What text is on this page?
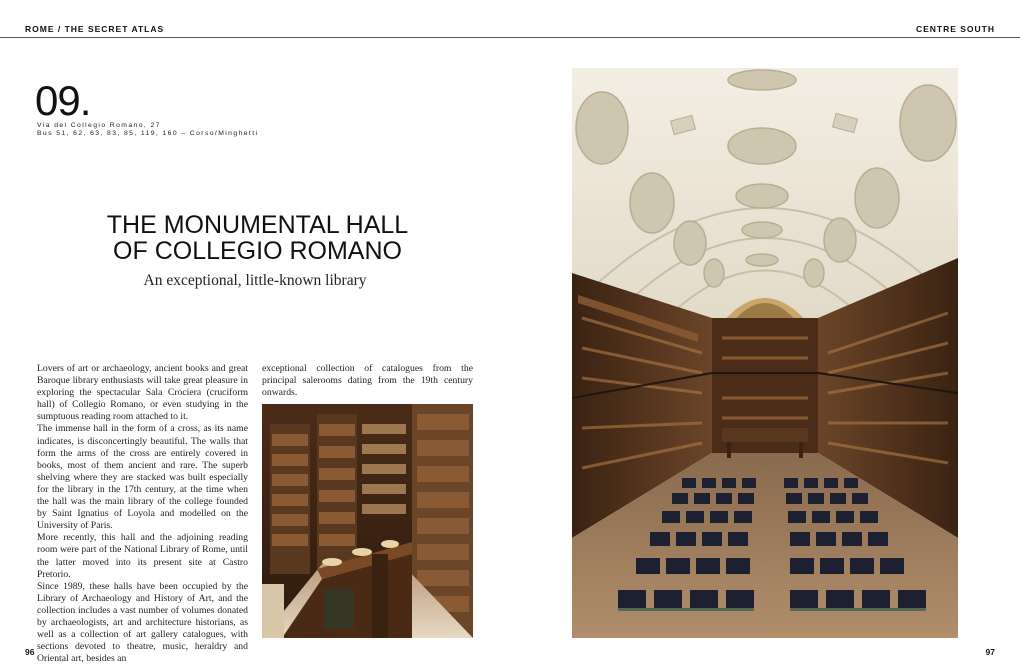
ROME / THE SECRET ATLAS	CENTRE SOUTH
09.
Via del Collegio Romano, 27
Bus 51, 62, 63, 83, 85, 119, 160 – Corso/Minghetti
THE MONUMENTAL HALL
OF COLLEGIO ROMANO
An exceptional, little-known library

Lovers of art or archaeology, ancient books and great Baroque library enthusiasts will take great pleasure in exploring the spectacular Sala Crociera (cruciform hall) of Collegio Romano, or even studying in the sumptuous reading room attached to it.

The immense hall in the form of a cross, as its name indicates, is disconcertingly beautiful. The walls that form the arms of the cross are entirely covered in books, most of them ancient and rare. The superb shelving where they are stacked was built especially for the library in the 17th century, at the time when the hall was the main library of the college founded by Saint Ignatius of Loyola and modelled on the University of Paris.

More recently, this hall and the adjoining reading room were part of the National Library of Rome, until the latter moved into its present site at Castro Pretorio.

Since 1989, these halls have been occupied by the Library of Archaeology and History of Art, and the collection includes a vast number of volumes donated by archaeologists, art and architecture historians, as well as a collection of art gallery catalogues, with sections devoted to theatre, music, heraldry and Oriental art, besides an

exceptional collection of catalogues from the principal salerooms dating from the 19th century onwards.

96	97
